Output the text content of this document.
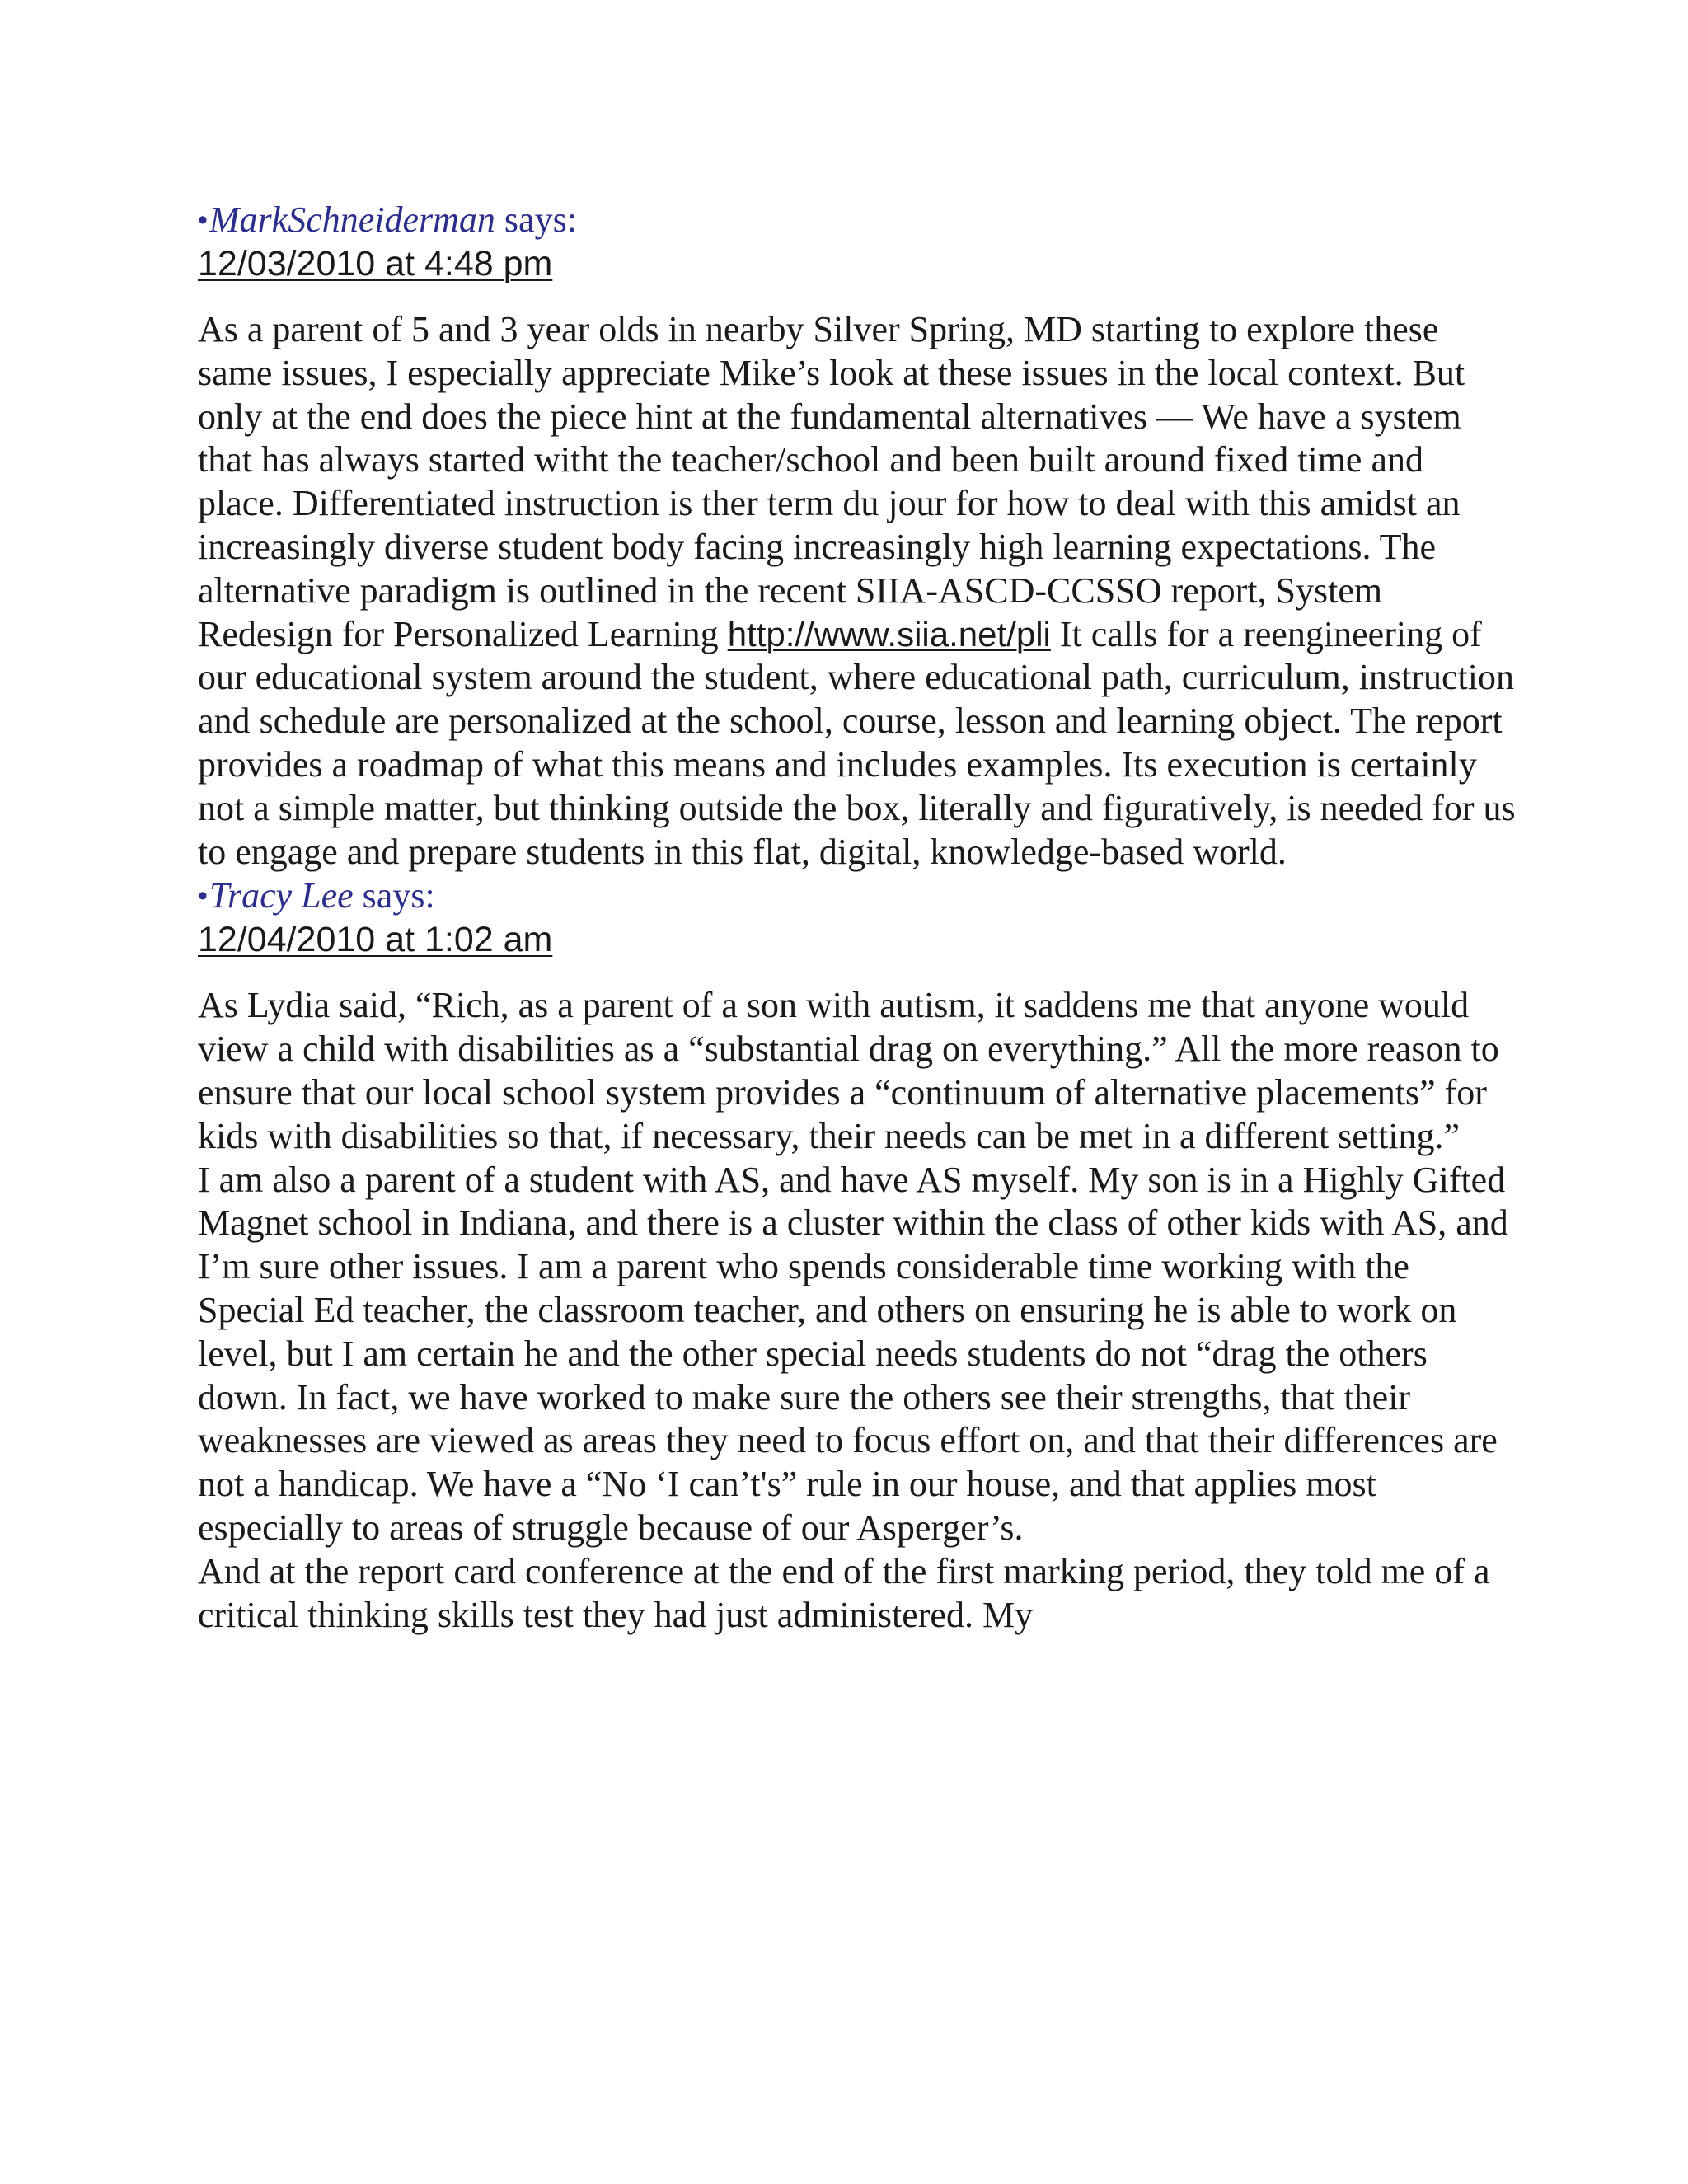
•MarkSchneiderman says:
12/03/2010 at 4:48 pm

As a parent of 5 and 3 year olds in nearby Silver Spring, MD starting to explore these same issues, I especially appreciate Mike’s look at these issues in the local context. But only at the end does the piece hint at the fundamental alternatives — We have a system that has always started witht the teacher/school and been built around fixed time and place. Differentiated instruction is ther term du jour for how to deal with this amidst an increasingly diverse student body facing increasingly high learning expectations. The alternative paradigm is outlined in the recent SIIA-ASCD-CCSSO report, System Redesign for Personalized Learning http://www.siia.net/pli It calls for a reengineering of our educational system around the student, where educational path, curriculum, instruction and schedule are personalized at the school, course, lesson and learning object. The report provides a roadmap of what this means and includes examples. Its execution is certainly not a simple matter, but thinking outside the box, literally and figuratively, is needed for us to engage and prepare students in this flat, digital, knowledge-based world.

•Tracy Lee says:
12/04/2010 at 1:02 am

As Lydia said, “Rich, as a parent of a son with autism, it saddens me that anyone would view a child with disabilities as a “substantial drag on everything.” All the more reason to ensure that our local school system provides a “continuum of alternative placements” for kids with disabilities so that, if necessary, their needs can be met in a different setting.”

I am also a parent of a student with AS, and have AS myself. My son is in a Highly Gifted Magnet school in Indiana, and there is a cluster within the class of other kids with AS, and I’m sure other issues. I am a parent who spends considerable time working with the Special Ed teacher, the classroom teacher, and others on ensuring he is able to work on level, but I am certain he and the other special needs students do not “drag the others down. In fact, we have worked to make sure the others see their strengths, that their weaknesses are viewed as areas they need to focus effort on, and that their differences are not a handicap. We have a “No ‘I can’t's” rule in our house, and that applies most especially to areas of struggle because of our Asperger’s.

And at the report card conference at the end of the first marking period, they told me of a critical thinking skills test they had just administered. My
